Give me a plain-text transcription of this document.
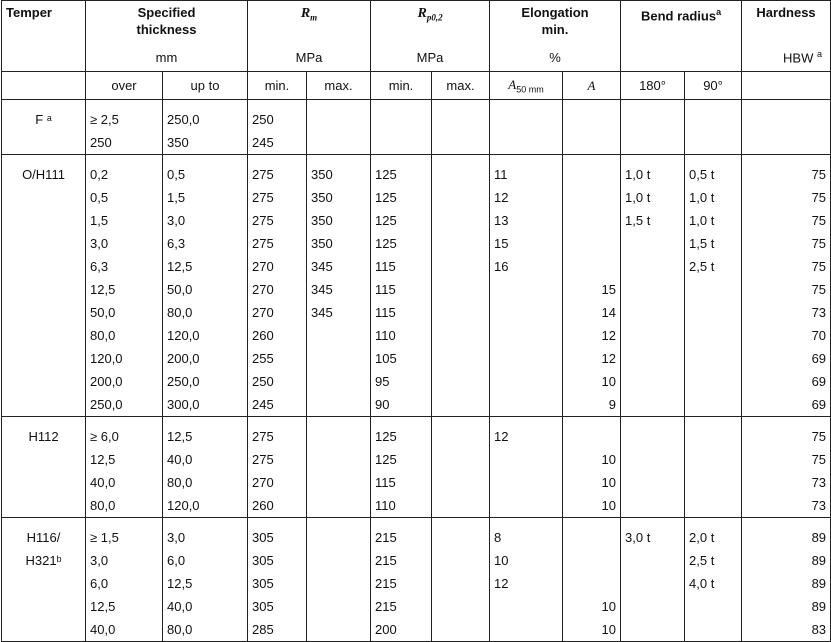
Temper	Specified thickness		$R_m$		$R_{p0,2}$		Elongation min.		Bend radius$^a$		Hardness
	mm		MPa		MPa		%				HBW $^a$
	over	up to	min.	max.	min.	max.	$A_{50 mm}$	A	180°	90°	

F ᵃ	≥ 2,5	250,0	250								
	250	350	245								

O/H111	0,2	0,5	275	350	125		11		1,0 t	0,5 t	75
	0,5	1,5	275	350	125		12		1,0 t	1,0 t	75
	1,5	3,0	275	350	125		13		1,5 t	1,0 t	75
	3,0	6,3	275	350	125		15			1,5 t	75
	6,3	12,5	270	345	115		16			2,5 t	75
	12,5	50,0	270	345	115			15			75
	50,0	80,0	270	345	115			14			73
	80,0	120,0	260		110			12			70
	120,0	200,0	255		105			12			69
	200,0	250,0	250		95			10			69
	250,0	300,0	245		90			9			69

H112	≥ 6,0	12,5	275		125		12				75
	12,5	40,0	275		125			10			75
	40,0	80,0	270		115			10			73
	80,0	120,0	260		110			10			73

H116/	≥ 1,5	3,0	305		215		8		3,0 t	2,0 t	89
H321ᵇ	3,0	6,0	305		215		10			2,5 t	89
	6,0	12,5	305		215		12			4,0 t	89
	12,5	40,0	305		215			10			89
	40,0	80,0	285		200			10			83
